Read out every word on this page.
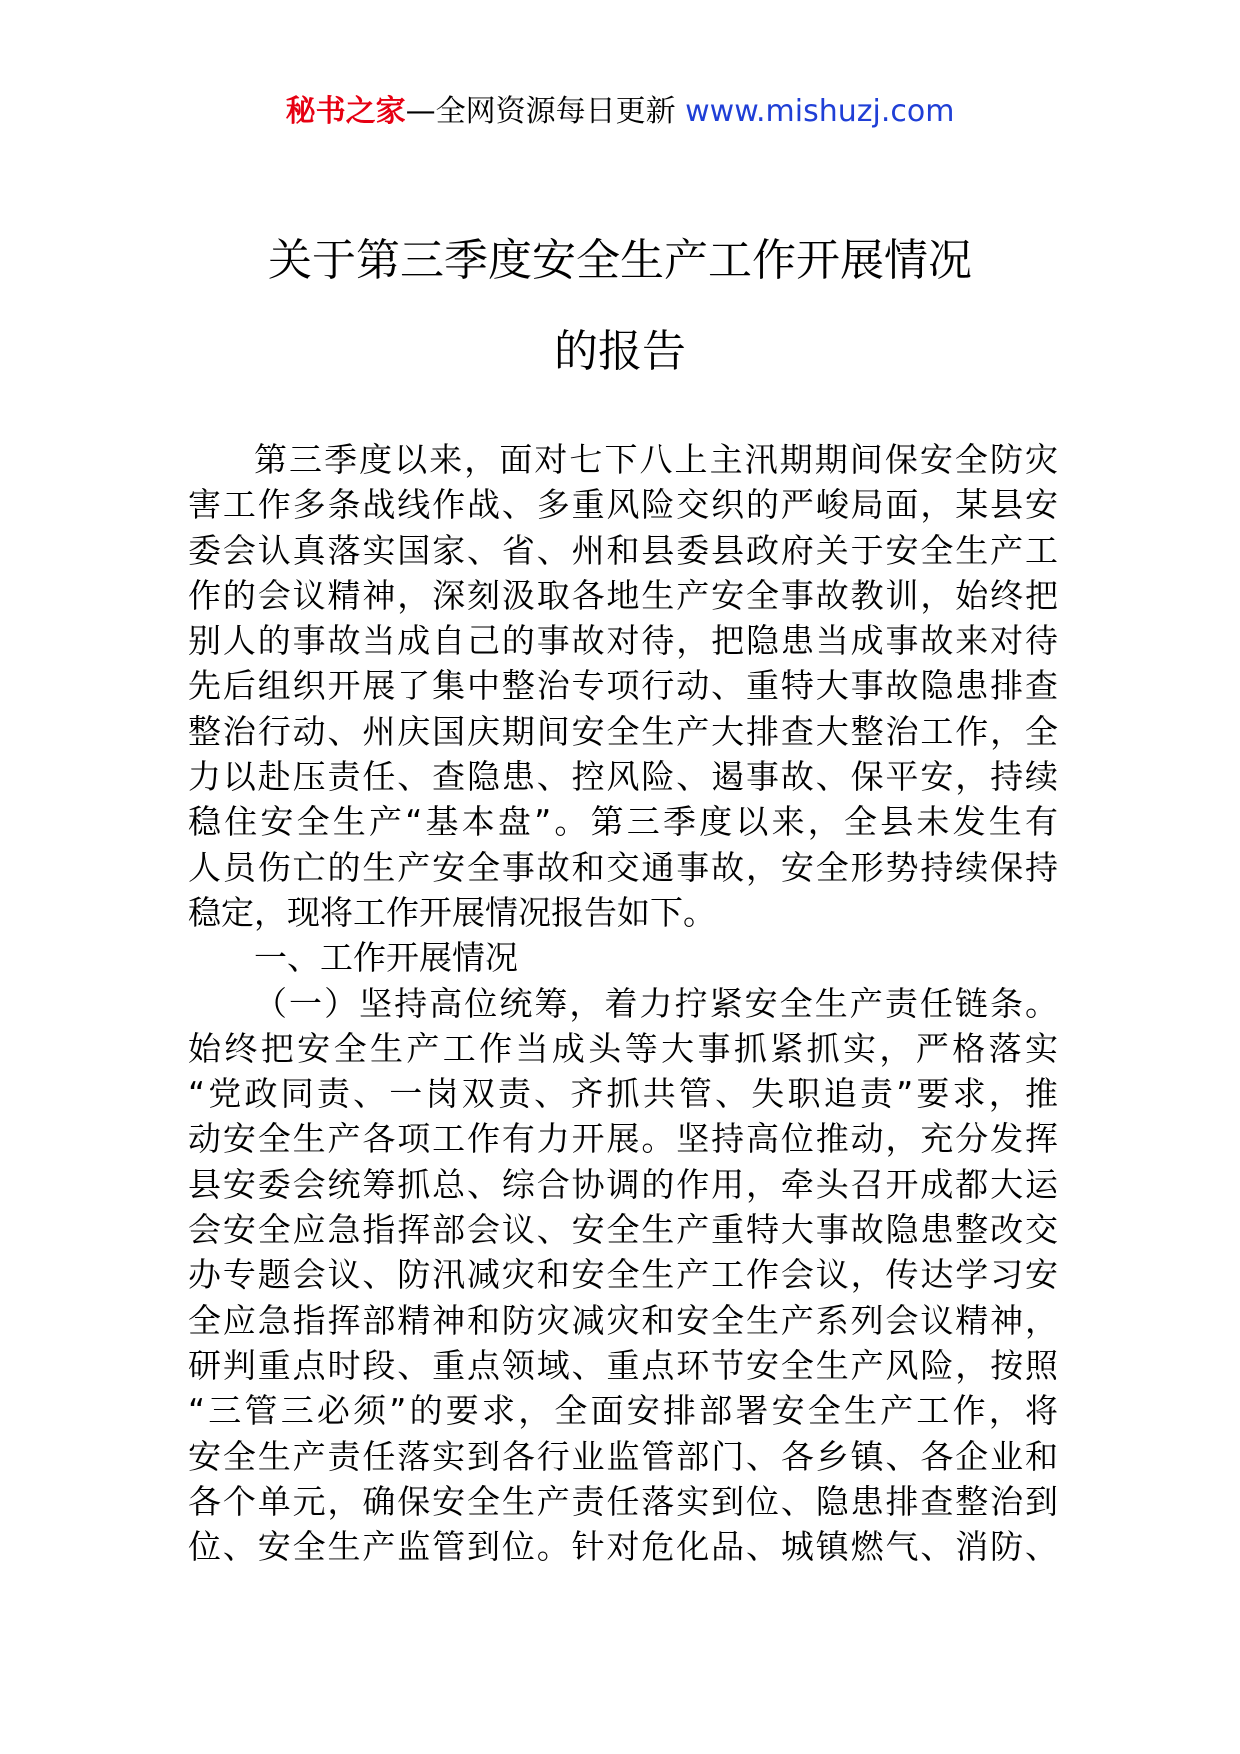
秘书之家—全网资源每日更新 www.mishuzj.com
关于第三季度安全生产工作开展情况
的报告
第三季度以来，面对七下八上主汛期期间保安全防灾
害工作多条战线作战、多重风险交织的严峻局面，某县安
委会认真落实国家、省、州和县委县政府关于安全生产工
作的会议精神，深刻汲取各地生产安全事故教训，始终把
别人的事故当成自己的事故对待，把隐患当成事故来对待
先后组织开展了集中整治专项行动、重特大事故隐患排查
整治行动、州庆国庆期间安全生产大排查大整治工作，全
力以赴压责任、查隐患、控风险、遏事故、保平安，持续
稳住安全生产“基本盘”。第三季度以来，全县未发生有
人员伤亡的生产安全事故和交通事故，安全形势持续保持
稳定，现将工作开展情况报告如下。
一、工作开展情况
（一）坚持高位统筹，着力拧紧安全生产责任链条。
始终把安全生产工作当成头等大事抓紧抓实，严格落实
“党政同责、一岗双责、齐抓共管、失职追责”要求，推
动安全生产各项工作有力开展。坚持高位推动，充分发挥
县安委会统筹抓总、综合协调的作用，牵头召开成都大运
会安全应急指挥部会议、安全生产重特大事故隐患整改交
办专题会议、防汛减灾和安全生产工作会议，传达学习安
全应急指挥部精神和防灾减灾和安全生产系列会议精神，
研判重点时段、重点领域、重点环节安全生产风险，按照
“三管三必须”的要求，全面安排部署安全生产工作，将
安全生产责任落实到各行业监管部门、各乡镇、各企业和
各个单元，确保安全生产责任落实到位、隐患排查整治到
位、安全生产监管到位。针对危化品、城镇燃气、消防、
